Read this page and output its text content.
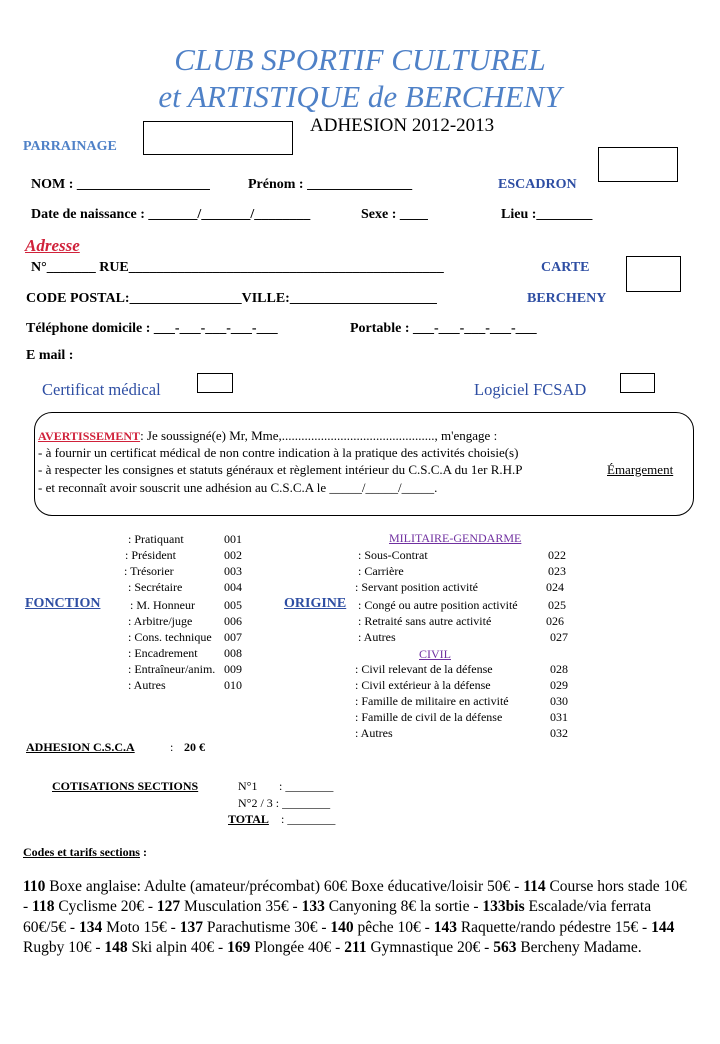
CLUB SPORTIF CULTUREL
et ARTISTIQUE de BERCHENY
ADHESION 2012-2013
PARRAINAGE
NOM : ___________________	Prénom : _______________	ESCADRON
Date de naissance : _______/_______/________	Sexe : ____	Lieu :________
Adresse
N°_______ RUE_____________________________________________	CARTE
CODE POSTAL:________________VILLE:_____________________	BERCHENY
Téléphone domicile : ___-___-___-___-___	Portable : ___-___-___-___-___
E mail :
Certificat médical	Logiciel FCSAD
AVERTISSEMENT: Je soussigné(e) Mr, Mme,..............................................., m'engage :
- à fournir un certificat médical de non contre indication à la pratique des activités choisie(s)
- à respecter les consignes et statuts généraux et règlement intérieur du C.S.C.A du 1er R.H.P	Émargement
- et reconnaît avoir souscrit une adhésion au C.S.C.A le _____/_____/_____.
FONCTION
: Pratiquant	001
: Président	002
: Trésorier	003
: Secrétaire	004
: M. Honneur 005
: Arbitre/juge	006
: Cons. technique 007
: Encadrement 008
: Entraîneur/anim. 009
: Autres	010
ORIGINE
MILITAIRE-GENDARME
CIVIL
: Sous-Contrat	022
: Carrière	023
: Servant position activité	024
: Congé ou autre position activité	025
: Retraité sans autre activité	026
: Autres	027
: Civil relevant de la défense	028
: Civil extérieur à la défense	029
: Famille de militaire en activité	030
: Famille de civil de la défense	031
: Autres	032
ADHESION C.S.C.A	: 20 €
COTISATIONS SECTIONS	N°1 : ________
N°2 / 3 : ________
TOTAL : ________
Codes et tarifs sections :
110 Boxe anglaise: Adulte (amateur/précombat) 60€ Boxe éducative/loisir 50€ - 114 Course hors stade 10€ - 118 Cyclisme 20€ - 127 Musculation 35€ - 133 Canyoning 8€ la sortie - 133bis Escalade/via ferrata 60€/5€ - 134 Moto 15€ - 137 Parachutisme 30€ - 140 pêche 10€ - 143 Raquette/rando pédestre 15€ - 144 Rugby 10€ - 148 Ski alpin 40€ - 169 Plongée 40€ - 211 Gymnastique 20€ - 563 Bercheny Madame.
